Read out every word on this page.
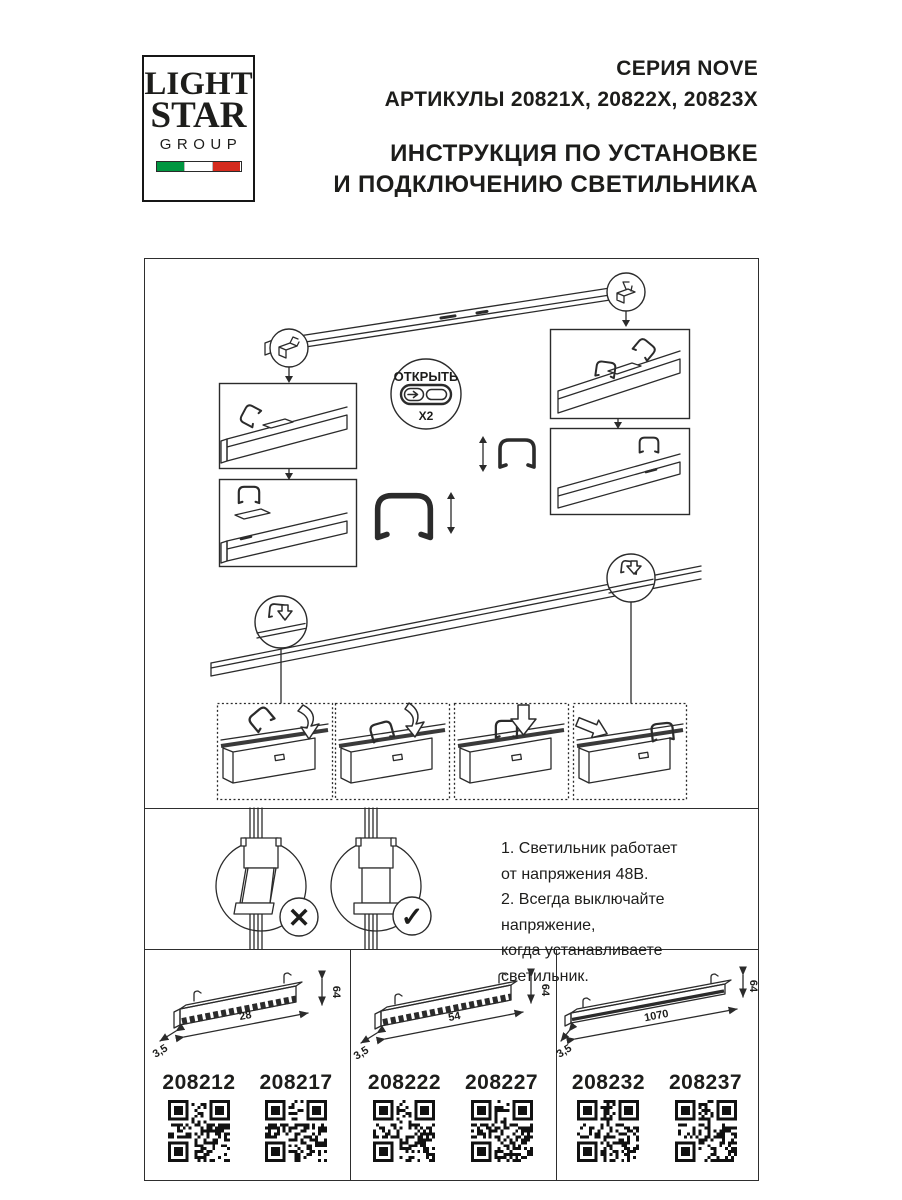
LIGHT
STAR
GROUP
СЕРИЯ NOVE
АРТИКУЛЫ 20821X, 20822X, 20823X
ИНСТРУКЦИЯ ПО УСТАНОВКЕ
И ПОДКЛЮЧЕНИЮ СВЕТИЛЬНИКА
ОТКРЫТЬ
X2
✕	✓
1. Светильник работает
от напряжения 48В.
2. Всегда выключайте напряжение,
когда устанавливаете светильник.
28
3,5
64
208212 208217
54
3,5
64
208222 208227
1070
3,5
64
208232 208237
